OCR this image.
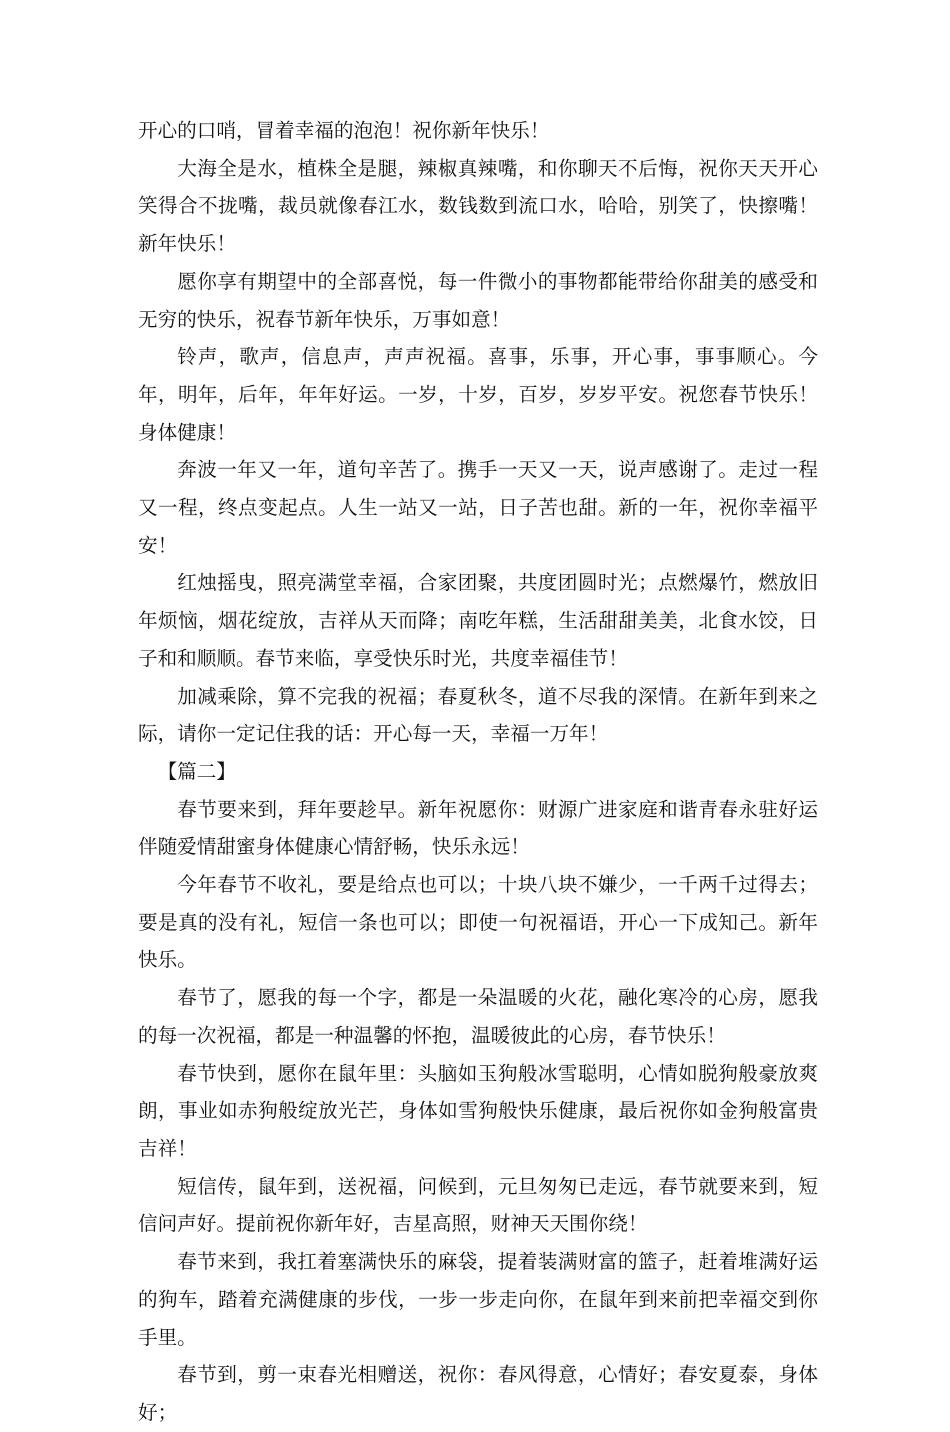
开心的口哨，冒着幸福的泡泡！祝你新年快乐！

大海全是水，植株全是腿，辣椒真辣嘴，和你聊天不后悔，祝你天天开心笑得合不拢嘴，裁员就像春江水，数钱数到流口水，哈哈，别笑了，快擦嘴！新年快乐！

愿你享有期望中的全部喜悦，每一件微小的事物都能带给你甜美的感受和无穷的快乐，祝春节新年快乐，万事如意！

铃声，歌声，信息声，声声祝福。喜事，乐事，开心事，事事顺心。今年，明年，后年，年年好运。一岁，十岁，百岁，岁岁平安。祝您春节快乐！身体健康！

奔波一年又一年，道句辛苦了。携手一天又一天，说声感谢了。走过一程又一程，终点变起点。人生一站又一站，日子苦也甜。新的一年，祝你幸福平安！

红烛摇曳，照亮满堂幸福，合家团聚，共度团圆时光；点燃爆竹，燃放旧年烦恼，烟花绽放，吉祥从天而降；南吃年糕，生活甜甜美美，北食水饺，日子和和顺顺。春节来临，享受快乐时光，共度幸福佳节！

加减乘除，算不完我的祝福；春夏秋冬，道不尽我的深情。在新年到来之际，请你一定记住我的话：开心每一天，幸福一万年！

【篇二】

春节要来到，拜年要趁早。新年祝愿你：财源广进家庭和谐青春永驻好运伴随爱情甜蜜身体健康心情舒畅，快乐永远！

今年春节不收礼，要是给点也可以；十块八块不嫌少，一千两千过得去；要是真的没有礼，短信一条也可以；即使一句祝福语，开心一下成知己。新年快乐。

春节了，愿我的每一个字，都是一朵温暖的火花，融化寒冷的心房，愿我的每一次祝福，都是一种温馨的怀抱，温暖彼此的心房，春节快乐！

春节快到，愿你在鼠年里：头脑如玉狗般冰雪聪明，心情如脱狗般豪放爽朗，事业如赤狗般绽放光芒，身体如雪狗般快乐健康，最后祝你如金狗般富贵吉祥！

短信传，鼠年到，送祝福，问候到，元旦匆匆已走远，春节就要来到，短信问声好。提前祝你新年好，吉星高照，财神天天围你绕！

春节来到，我扛着塞满快乐的麻袋，提着装满财富的篮子，赶着堆满好运的狗车，踏着充满健康的步伐，一步一步走向你，在鼠年到来前把幸福交到你手里。

春节到，剪一束春光相赠送，祝你：春风得意，心情好；春安夏泰，身体好；
